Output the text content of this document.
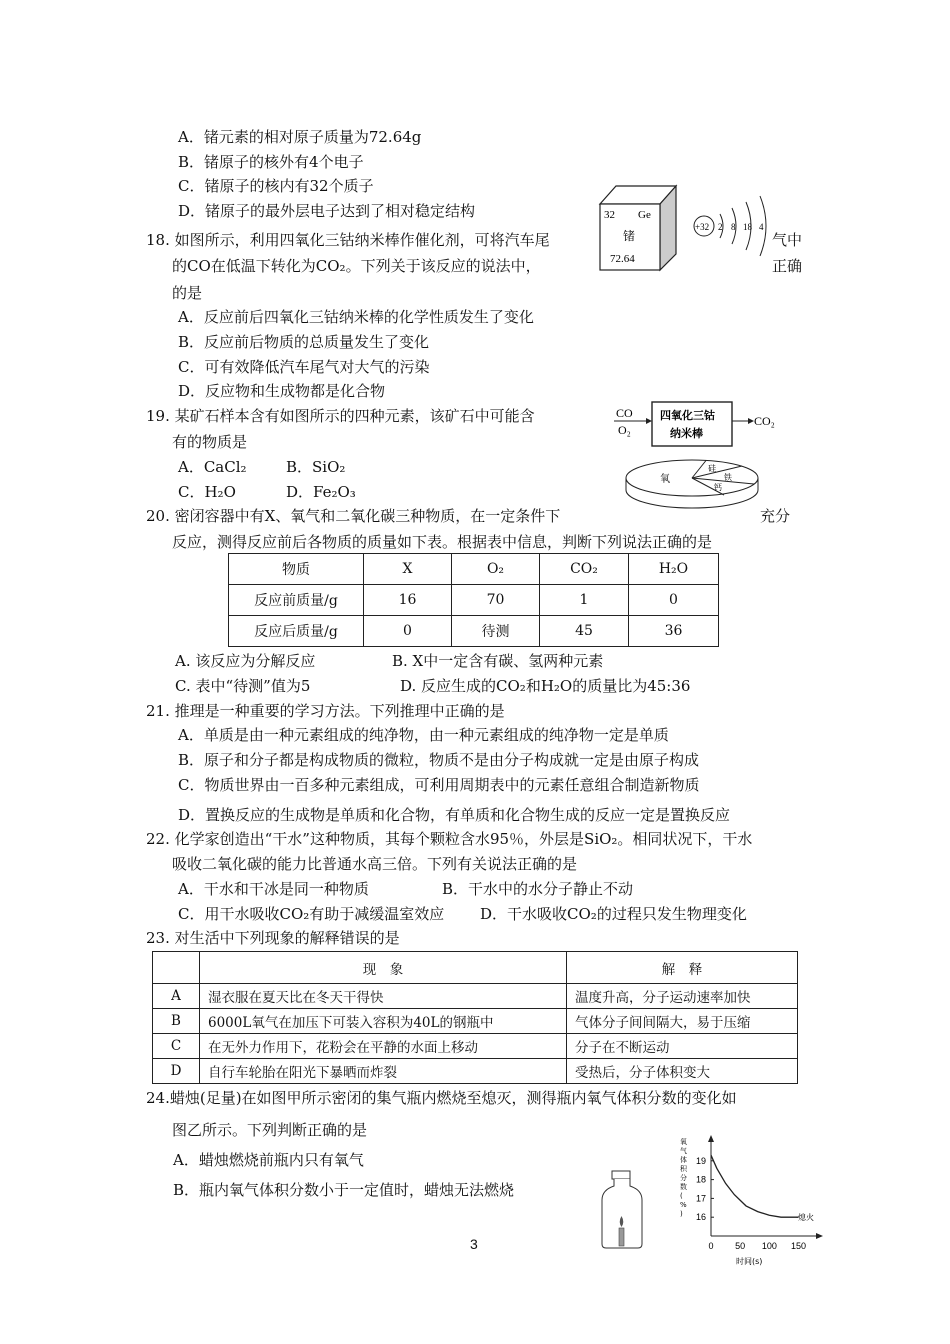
A．锗元素的相对原子质量为72.64g
B．锗原子的核外有4个电子
C．锗原子的核内有32个质子
D．锗原子的最外层电子达到了相对稳定结构	32 Ge
锗
72.64
+32 2 8 18 4
18. 如图所示，利用四氧化三钴纳米棒作催化剂，可将汽车尾	气中
的CO在低温下转化为CO₂。下列关于该反应的说法中，	正确
的是
A．反应前后四氧化三钴纳米棒的化学性质发生了变化
B．反应前后物质的总质量发生了变化
C．可有效降低汽车尾气对大气的污染
D．反应物和生成物都是化合物
CO
O₂
四氧化三钴
纳米棒
CO₂
19. 某矿石样本含有如图所示的四种元素，该矿石中可能含
有的物质是
A．CaCl₂	B．SiO₂
C．H₂O	D．Fe₂O₃
氧
硅
铁
钙
20. 密闭容器中有X、氧气和二氧化碳三种物质，在一定条件下	充分
反应，测得反应前后各物质的质量如下表。根据表中信息，判断下列说法正确的是
物质	X	O₂	CO₂	H₂O
反应前质量/g	16	70	1	0
反应后质量/g	0	待测	45	36
A. 该反应为分解反应	B. X中一定含有碳、氢两种元素
C. 表中“待测”值为5	D. 反应生成的CO₂和H₂O的质量比为45:36
21. 推理是一种重要的学习方法。下列推理中正确的是
A．单质是由一种元素组成的纯净物，由一种元素组成的纯净物一定是单质
B．原子和分子都是构成物质的微粒，物质不是由分子构成就一定是由原子构成
C．物质世界由一百多种元素组成，可利用周期表中的元素任意组合制造新物质
D．置换反应的生成物是单质和化合物，有单质和化合物生成的反应一定是置换反应
22. 化学家创造出“干水”这种物质，其每个颗粒含水95％，外层是SiO₂。相同状况下，干水
吸收二氧化碳的能力比普通水高三倍。下列有关说法正确的是
A．干水和干冰是同一种物质	B．干水中的水分子静止不动
C．用干水吸收CO₂有助于减缓温室效应 D．干水吸收CO₂的过程只发生物理变化
23. 对生活中下列现象的解释错误的是
	现　象	解　释
A	湿衣服在夏天比在冬天干得快	温度升高，分子运动速率加快
B	6000L氧气在加压下可装入容积为40L的钢瓶中	气体分子间间隔大，易于压缩
C	在无外力作用下，花粉会在平静的水面上移动	分子在不断运动
D	自行车轮胎在阳光下暴晒而炸裂	受热后，分子体积变大
24.蜡烛(足量)在如图甲所示密闭的集气瓶内燃烧至熄灭，测得瓶内氧气体积分数的变化如
图乙所示。下列判断正确的是
A．蜡烛燃烧前瓶内只有氧气
B．瓶内氧气体积分数小于一定值时，蜡烛无法燃烧
氧
气
体
积
分
数
(
%
) 16
17
18
19
0 50 100 150
熄火
时间(s)
3
